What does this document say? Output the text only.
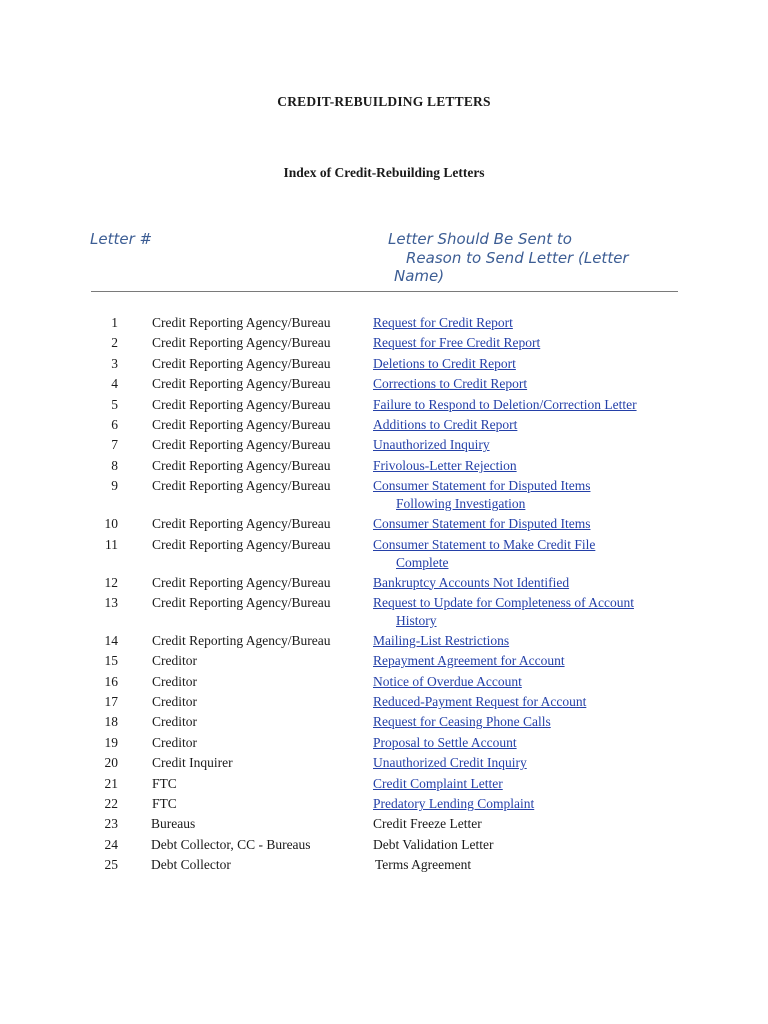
CREDIT-REBUILDING LETTERS
Index of Credit-Rebuilding Letters
Letter #	Letter Should Be Sent to
Reason to Send Letter (Letter
Name)
1	Credit Reporting Agency/Bureau	Request for Credit Report
2	Credit Reporting Agency/Bureau	Request for Free Credit Report
3	Credit Reporting Agency/Bureau	Deletions to Credit Report
4	Credit Reporting Agency/Bureau	Corrections to Credit Report
5	Credit Reporting Agency/Bureau	Failure to Respond to Deletion/Correction Letter
6	Credit Reporting Agency/Bureau	Additions to Credit Report
7	Credit Reporting Agency/Bureau	Unauthorized Inquiry
8	Credit Reporting Agency/Bureau	Frivolous-Letter Rejection
9	Credit Reporting Agency/Bureau	Consumer Statement for Disputed Items
Following Investigation
10	Credit Reporting Agency/Bureau	Consumer Statement for Disputed Items
11	Credit Reporting Agency/Bureau	Consumer Statement to Make Credit File
Complete
12	Credit Reporting Agency/Bureau	Bankruptcy Accounts Not Identified
13	Credit Reporting Agency/Bureau	Request to Update for Completeness of Account
History
14	Credit Reporting Agency/Bureau	Mailing-List Restrictions
15	Creditor	Repayment Agreement for Account
16	Creditor	Notice of Overdue Account
17	Creditor	Reduced-Payment Request for Account
18	Creditor	Request for Ceasing Phone Calls
19	Creditor	Proposal to Settle Account
20	Credit Inquirer	Unauthorized Credit Inquiry
21	FTC	Credit Complaint Letter
22	FTC	Predatory Lending Complaint
23 Bureaus	Credit Freeze Letter
24 Debt Collector, CC - Bureaus	Debt Validation Letter
25 Debt Collector	Terms Agreement
